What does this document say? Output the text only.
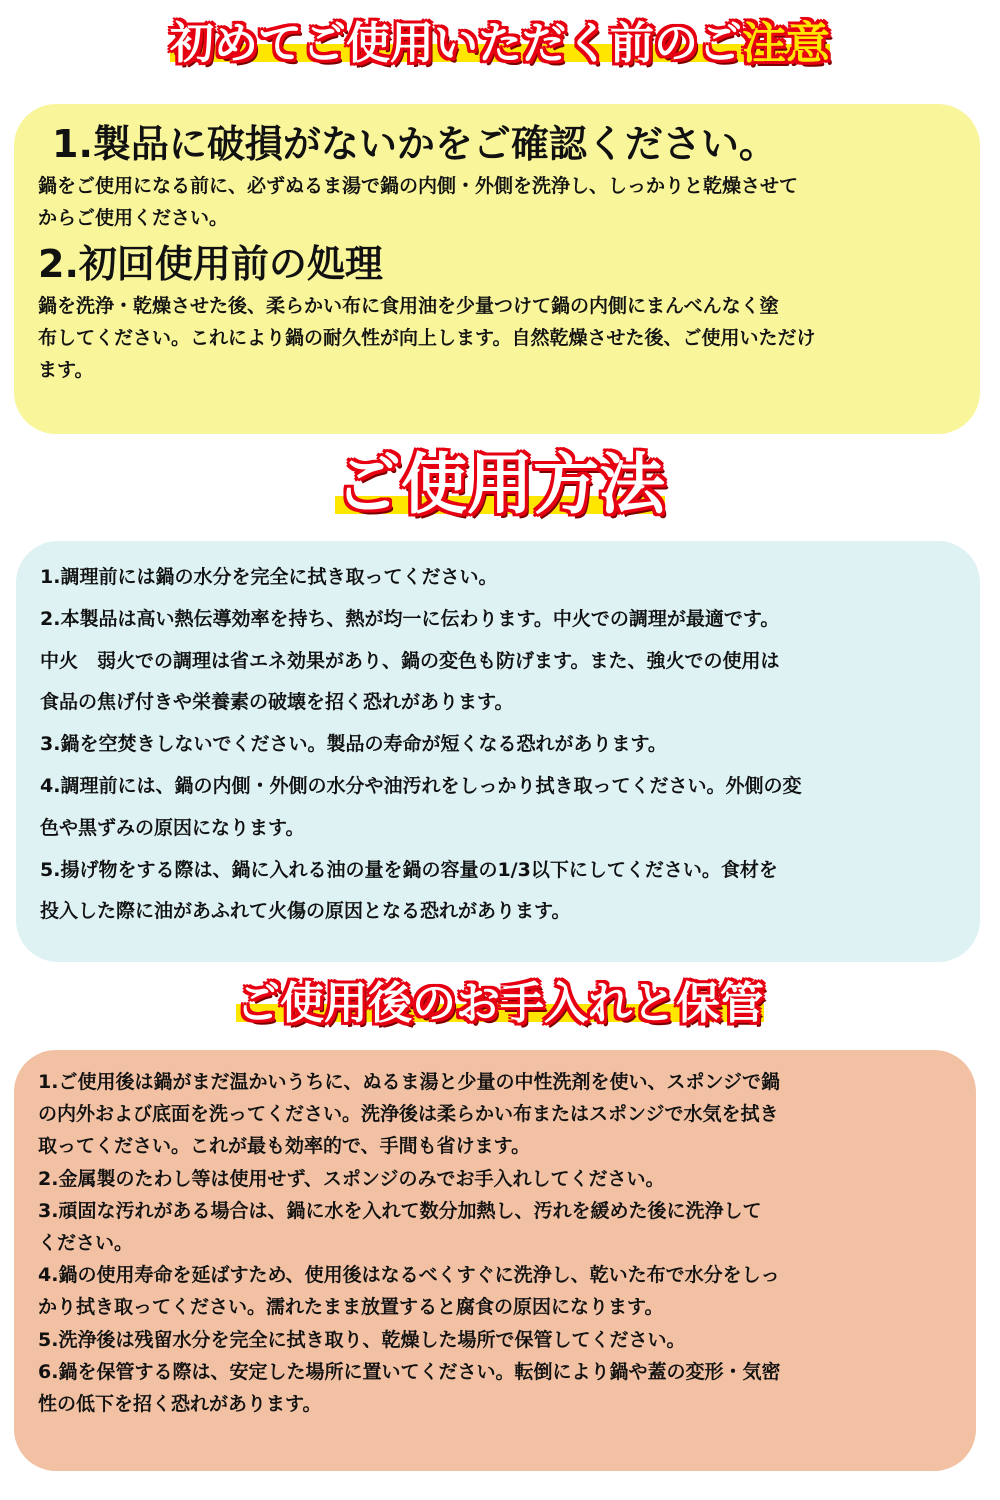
初めてご使用いただく前のご注意
1.製品に破損がないかをご確認ください。

鍋をご使用になる前に、必ずぬるま湯で鍋の内側・外側を洗浄し、しっかりと乾燥させて

からご使用ください。

2.初回使用前の処理

鍋を洗浄・乾燥させた後、柔らかい布に食用油を少量つけて鍋の内側にまんべんなく塗

布してください。これにより鍋の耐久性が向上します。自然乾燥させた後、ご使用いただけ

ます。

ご使用方法

1.調理前には鍋の水分を完全に拭き取ってください。

2.本製品は高い熱伝導効率を持ち、熱が均一に伝わります。中火での調理が最適です。

中火　弱火での調理は省エネ効果があり、鍋の変色も防げます。また、強火での使用は

食品の焦げ付きや栄養素の破壊を招く恐れがあります。

3.鍋を空焚きしないでください。製品の寿命が短くなる恐れがあります。

4.調理前には、鍋の内側・外側の水分や油汚れをしっかり拭き取ってください。外側の変

色や黒ずみの原因になります。

5.揚げ物をする際は、鍋に入れる油の量を鍋の容量の1/3以下にしてください。食材を

投入した際に油があふれて火傷の原因となる恐れがあります。

ご使用後のお手入れと保管

1.ご使用後は鍋がまだ温かいうちに、ぬるま湯と少量の中性洗剤を使い、スポンジで鍋

の内外および底面を洗ってください。洗浄後は柔らかい布またはスポンジで水気を拭き

取ってください。これが最も効率的で、手間も省けます。

2.金属製のたわし等は使用せず、スポンジのみでお手入れしてください。

3.頑固な汚れがある場合は、鍋に水を入れて数分加熱し、汚れを緩めた後に洗浄して

ください。

4.鍋の使用寿命を延ばすため、使用後はなるべくすぐに洗浄し、乾いた布で水分をしっ

かり拭き取ってください。濡れたまま放置すると腐食の原因になります。

5.洗浄後は残留水分を完全に拭き取り、乾燥した場所で保管してください。

6.鍋を保管する際は、安定した場所に置いてください。転倒により鍋や蓋の変形・気密

性の低下を招く恐れがあります。
